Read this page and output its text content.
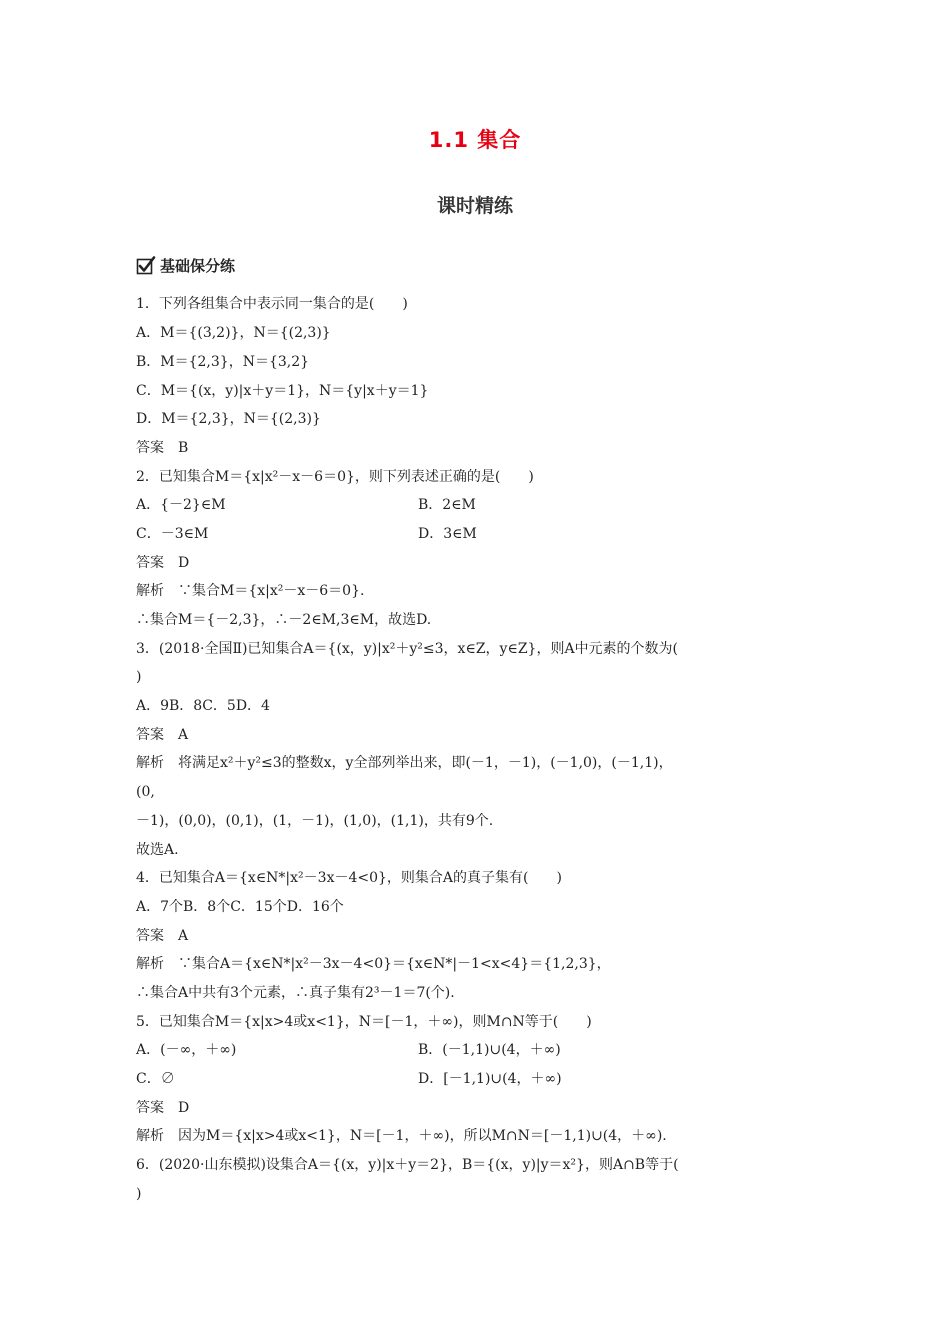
1.1 集合
课时精练
基础保分练
1．下列各组集合中表示同一集合的是(　　)
A．M＝{(3,2)}，N＝{(2,3)}
B．M＝{2,3}，N＝{3,2}
C．M＝{(x，y)|x＋y＝1}，N＝{y|x＋y＝1}
D．M＝{2,3}，N＝{(2,3)}
答案　B
2．已知集合M＝{x|x²－x－6＝0}，则下列表述正确的是(　　)
A．{－2}∈M	B．2∈M
C．－3∈M	D．3∈M
答案　D
解析　∵集合M＝{x|x²－x－6＝0}.
∴集合M＝{－2,3}，∴－2∈M,3∈M，故选D.
3．(2018·全国Ⅱ)已知集合A＝{(x，y)|x²＋y²≤3，x∈Z，y∈Z}，则A中元素的个数为(
)
A．9B．8C．5D．4
答案　A
解析　将满足x²＋y²≤3的整数x，y全部列举出来，即(－1，－1)，(－1,0)，(－1,1)，
(0,
－1)，(0,0)，(0,1)，(1，－1)，(1,0)，(1,1)，共有9个.
故选A.
4．已知集合A＝{x∈N*|x²－3x－4<0}，则集合A的真子集有(　　)
A．7个B．8个C．15个D．16个
答案　A
解析　∵集合A＝{x∈N*|x²－3x－4<0}＝{x∈N*|－1<x<4}＝{1,2,3}，
∴集合A中共有3个元素，∴真子集有2³－1＝7(个).
5．已知集合M＝{x|x>4或x<1}，N＝[－1，＋∞)，则M∩N等于(　　)
A．(－∞，＋∞)	B．(－1,1)∪(4，＋∞)
C．∅	D．[－1,1)∪(4，＋∞)
答案　D
解析　因为M＝{x|x>4或x<1}，N＝[－1，＋∞)，所以M∩N＝[－1,1)∪(4，＋∞).
6．(2020·山东模拟)设集合A＝{(x，y)|x＋y＝2}，B＝{(x，y)|y＝x²}，则A∩B等于(
)
